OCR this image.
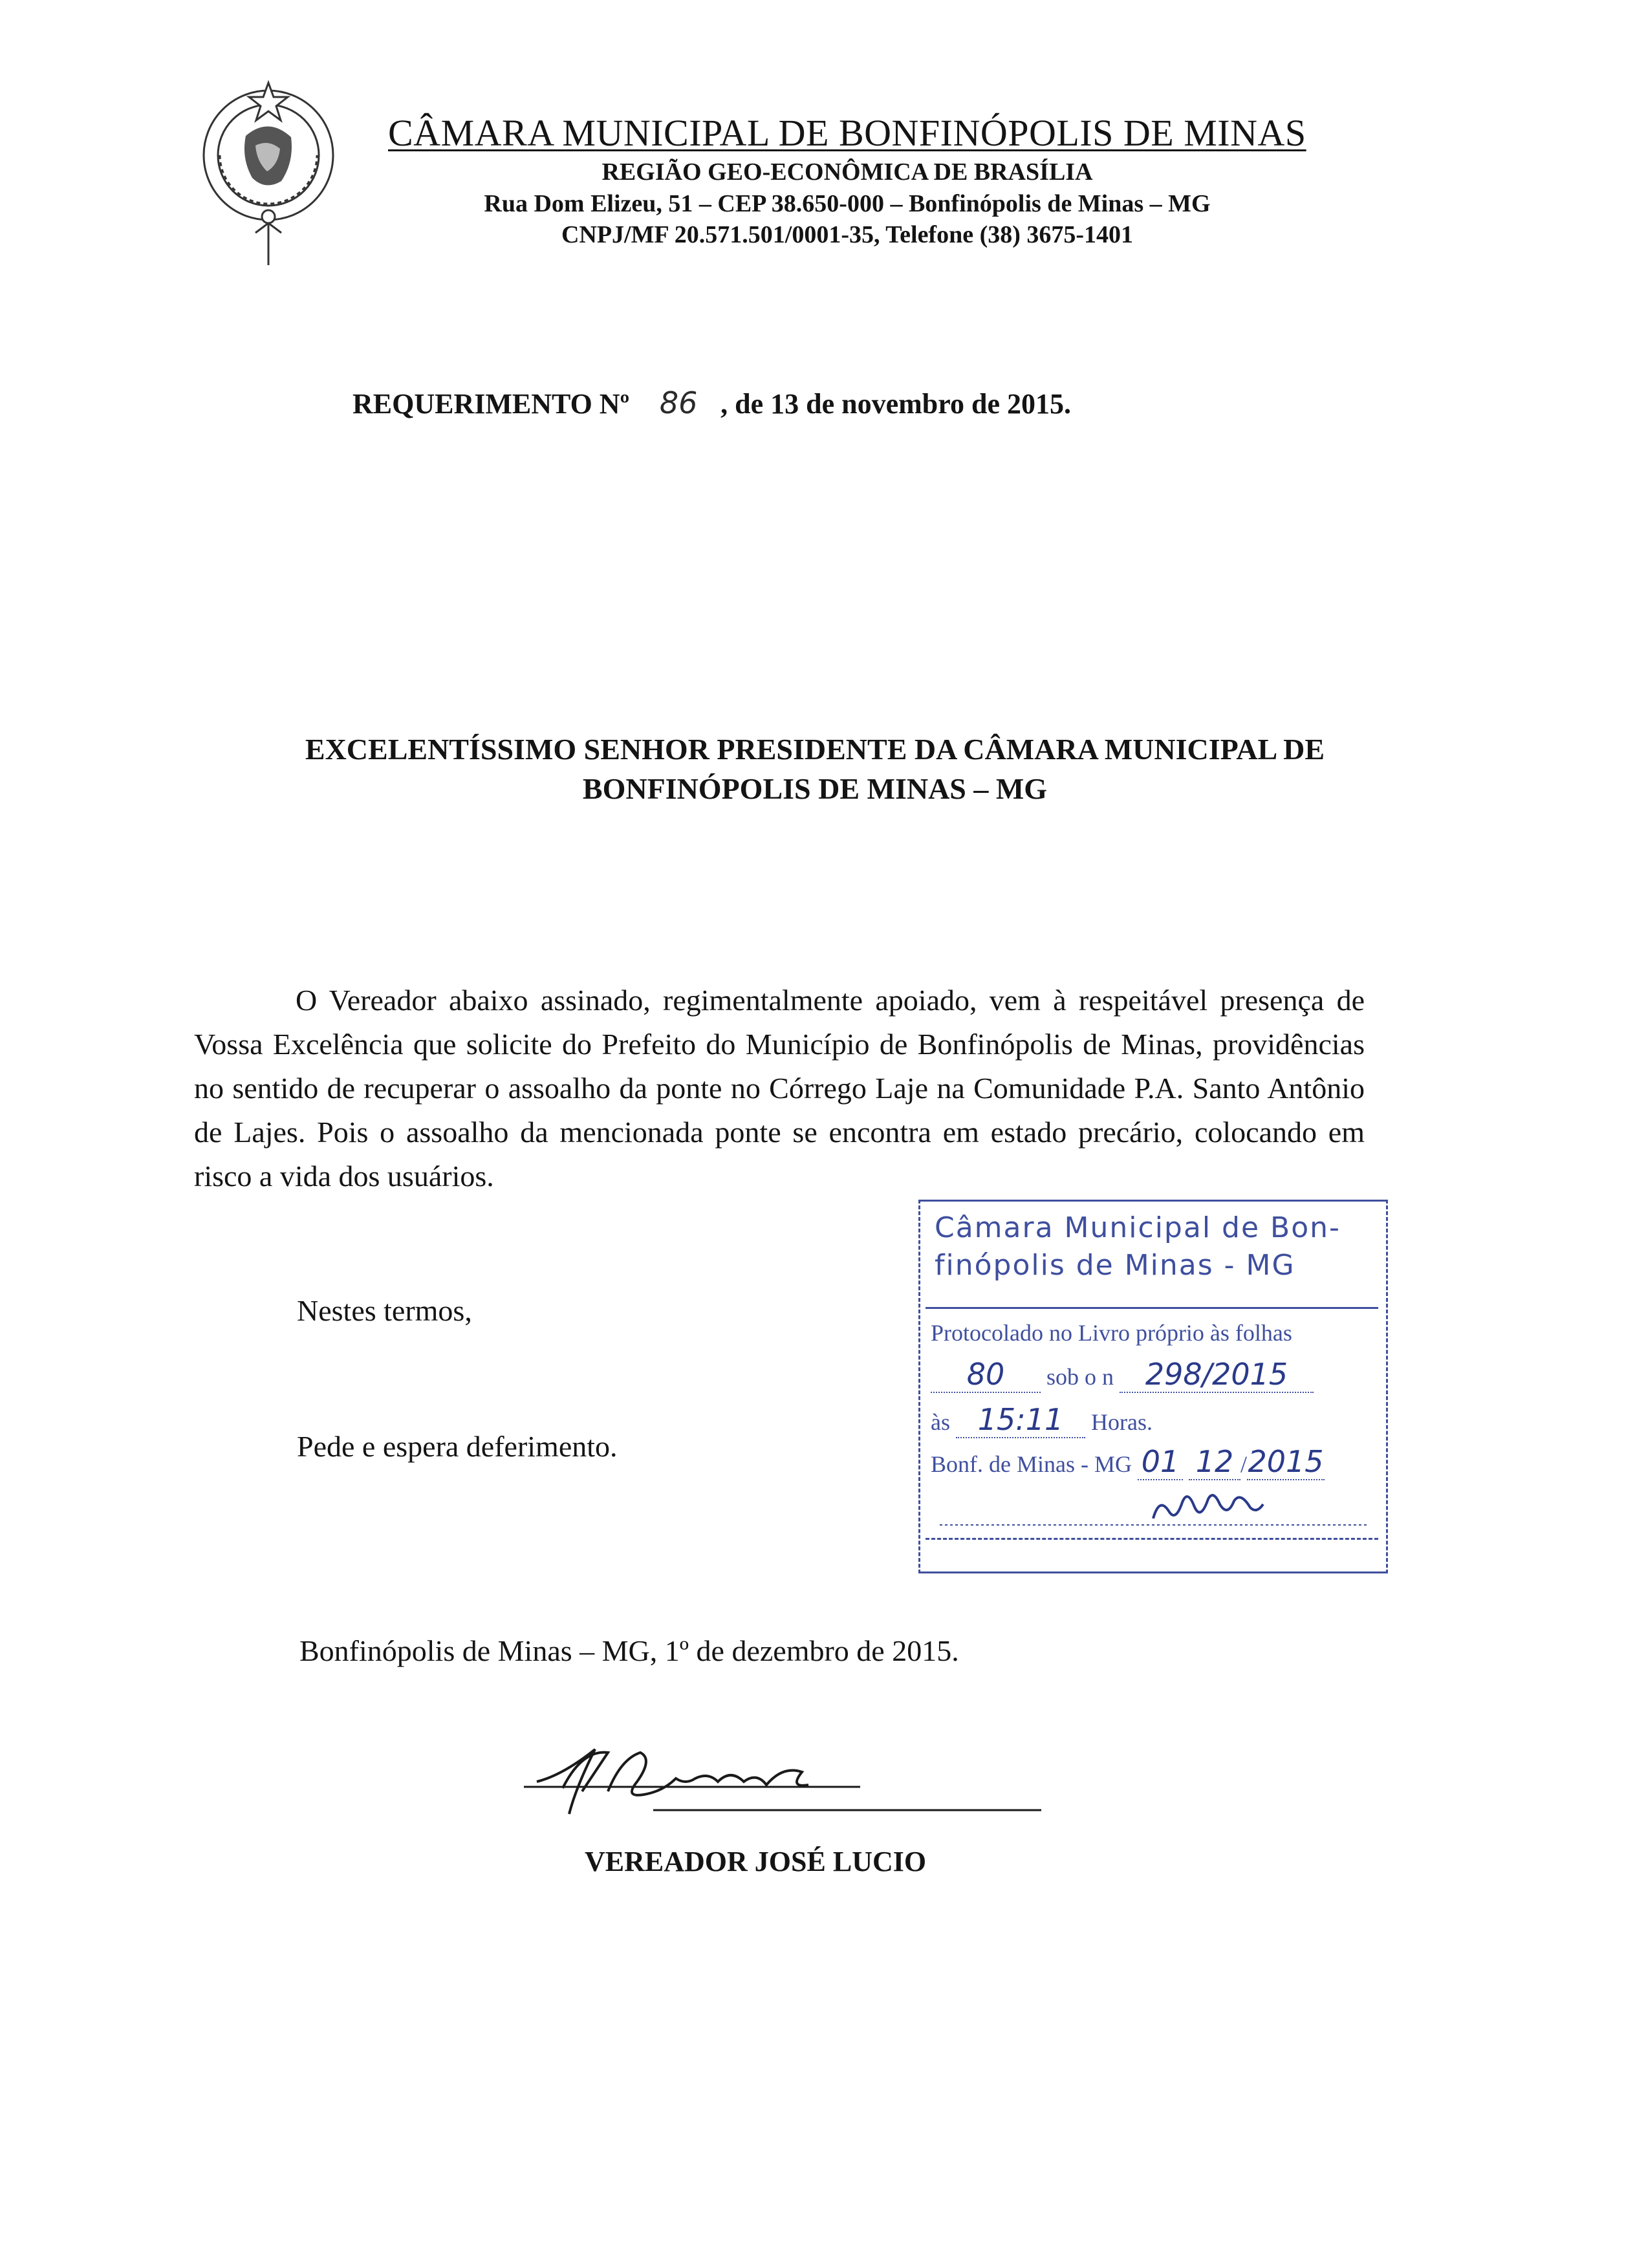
CÂMARA MUNICIPAL DE BONFINÓPOLIS DE MINAS
REGIÃO GEO-ECONÔMICA DE BRASÍLIA
Rua Dom Elizeu, 51 – CEP 38.650-000 – Bonfinópolis de Minas – MG
CNPJ/MF 20.571.501/0001-35, Telefone (38) 3675-1401
REQUERIMENTO Nº 86 , de 13 de novembro de 2015.
EXCELENTÍSSIMO SENHOR PRESIDENTE DA CÂMARA MUNICIPAL DE
BONFINÓPOLIS DE MINAS – MG
O Vereador abaixo assinado, regimentalmente apoiado, vem à respeitável presença de Vossa Excelência que solicite do Prefeito do Município de Bonfinópolis de Minas, providências no sentido de recuperar o assoalho da ponte no Córrego Laje na Comunidade P.A. Santo Antônio de Lajes. Pois o assoalho da mencionada ponte se encontra em estado precário, colocando em risco a vida dos usuários.
Nestes termos,
Pede e espera deferimento.
Câmara Municipal de Bon-
finópolis de Minas - MG
Protocolado no Livro próprio às folhas
80 sob o n 298/2015
às 15:11 Horas.
Bonf. de Minas - MG 01 12 /2015
Bonfinópolis de Minas – MG, 1º de dezembro de 2015.
VEREADOR JOSÉ LUCIO
